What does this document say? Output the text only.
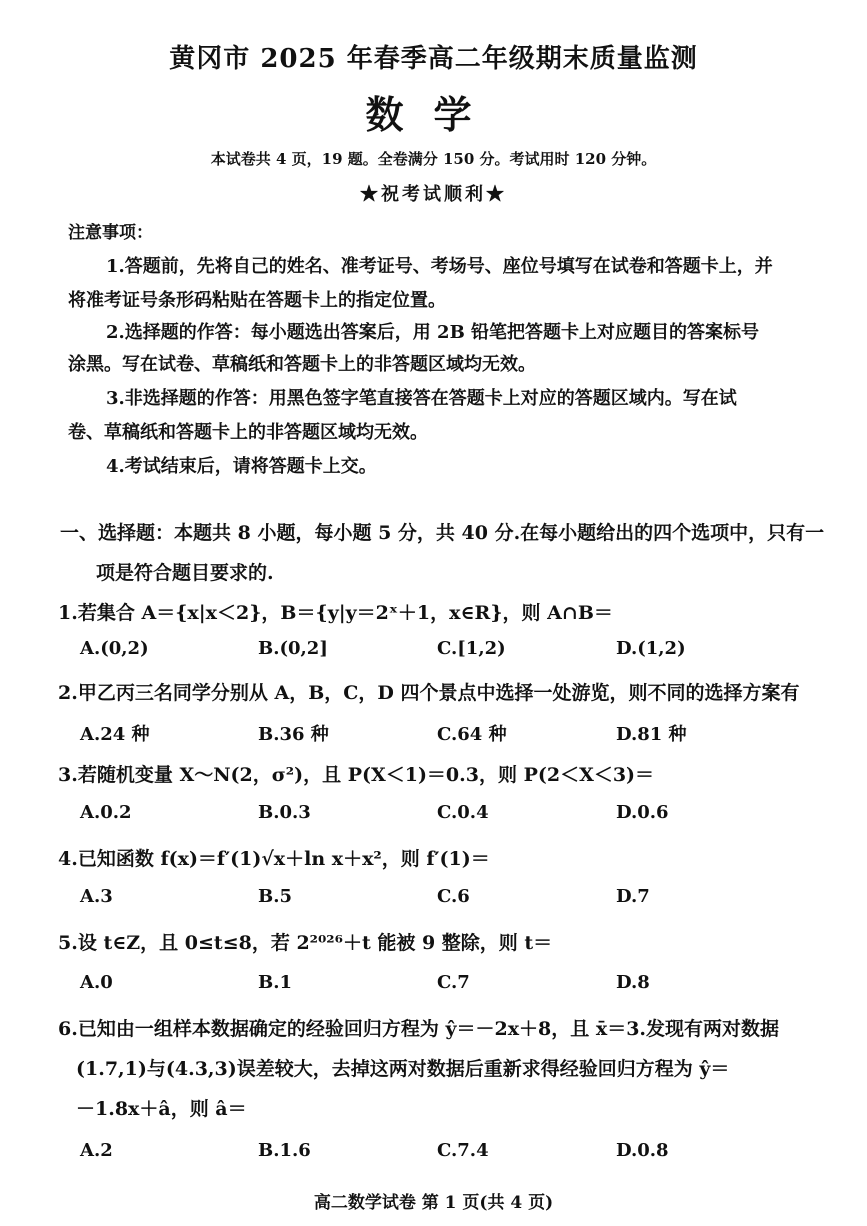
黄冈市 2025 年春季高二年级期末质量监测
数学
本试卷共 4 页，19 题。全卷满分 150 分。考试用时 120 分钟。
★祝考试顺利★
注意事项：
1.答题前，先将自己的姓名、准考证号、考场号、座位号填写在试卷和答题卡上，并
将准考证号条形码粘贴在答题卡上的指定位置。
2.选择题的作答：每小题选出答案后，用 2B 铅笔把答题卡上对应题目的答案标号
涂黑。写在试卷、草稿纸和答题卡上的非答题区域均无效。
3.非选择题的作答：用黑色签字笔直接答在答题卡上对应的答题区域内。写在试
卷、草稿纸和答题卡上的非答题区域均无效。
4.考试结束后，请将答题卡上交。
一、选择题：本题共 8 小题，每小题 5 分，共 40 分.在每小题给出的四个选项中，只有一
项是符合题目要求的.
1.若集合 A＝{x|x＜2}，B＝{y|y＝2ˣ＋1，x∈R}，则 A∩B＝
A.(0,2)	B.(0,2]	C.[1,2)	D.(1,2)
2.甲乙丙三名同学分别从 A，B，C，D 四个景点中选择一处游览，则不同的选择方案有
A.24 种	B.36 种	C.64 种	D.81 种
3.若随机变量 X～N(2，σ²)，且 P(X＜1)＝0.3，则 P(2＜X＜3)＝
A.0.2	B.0.3	C.0.4	D.0.6
4.已知函数 f(x)＝f′(1)√x＋ln x＋x²，则 f′(1)＝
A.3	B.5	C.6	D.7
5.设 t∈Z，且 0≤t≤8，若 2²⁰²⁶＋t 能被 9 整除，则 t＝
A.0	B.1	C.7	D.8
6.已知由一组样本数据确定的经验回归方程为 ŷ＝－2x＋8，且 x̄＝3.发现有两对数据
(1.7,1)与(4.3,3)误差较大，去掉这两对数据后重新求得经验回归方程为 ŷ＝
－1.8x＋â，则 â＝
A.2	B.1.6	C.7.4	D.0.8
高二数学试卷 第 1 页(共 4 页)
